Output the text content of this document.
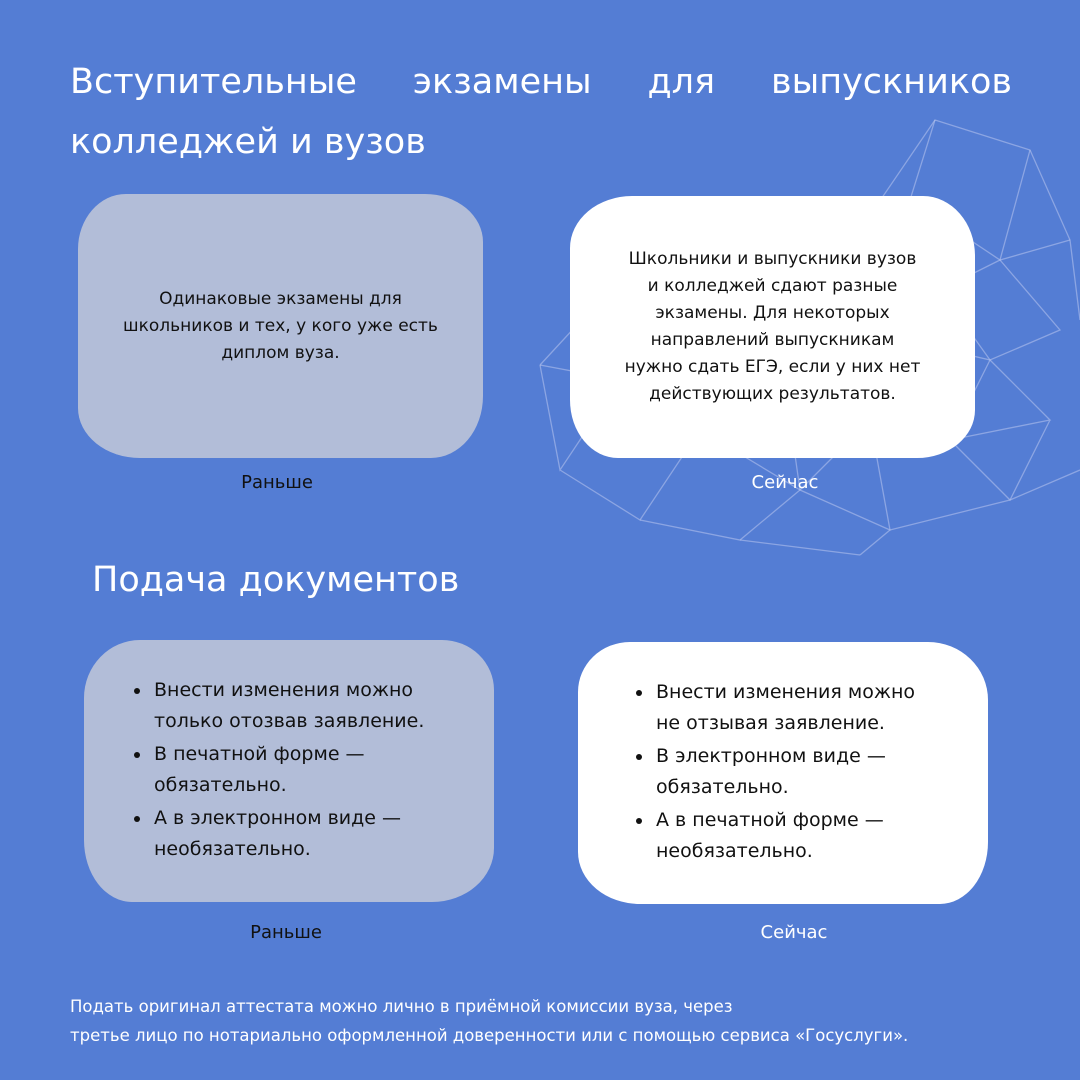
Вступительные экзамены для выпускников
колледжей и вузов

Одинаковые экзамены для
школьников и тех, у кого уже есть
диплом вуза.

Раньше

Школьники и выпускники вузов
и колледжей сдают разные
экзамены. Для некоторых
направлений выпускникам
нужно сдать ЕГЭ, если у них нет
действующих результатов.

Сейчас
Подача документов
Внести изменения можно
только отозвав заявление.
В печатной форме —
обязательно.
А в электронном виде —
необязательно.
Раньше
Внести изменения можно
не отзывая заявление.
В электронном виде —
обязательно.
А в печатной форме —
необязательно.
Сейчас

Подать оригинал аттестата можно лично в приёмной комиссии вуза, через
третье лицо по нотариально оформленной доверенности или с помощью сервиса «Госуслуги».
